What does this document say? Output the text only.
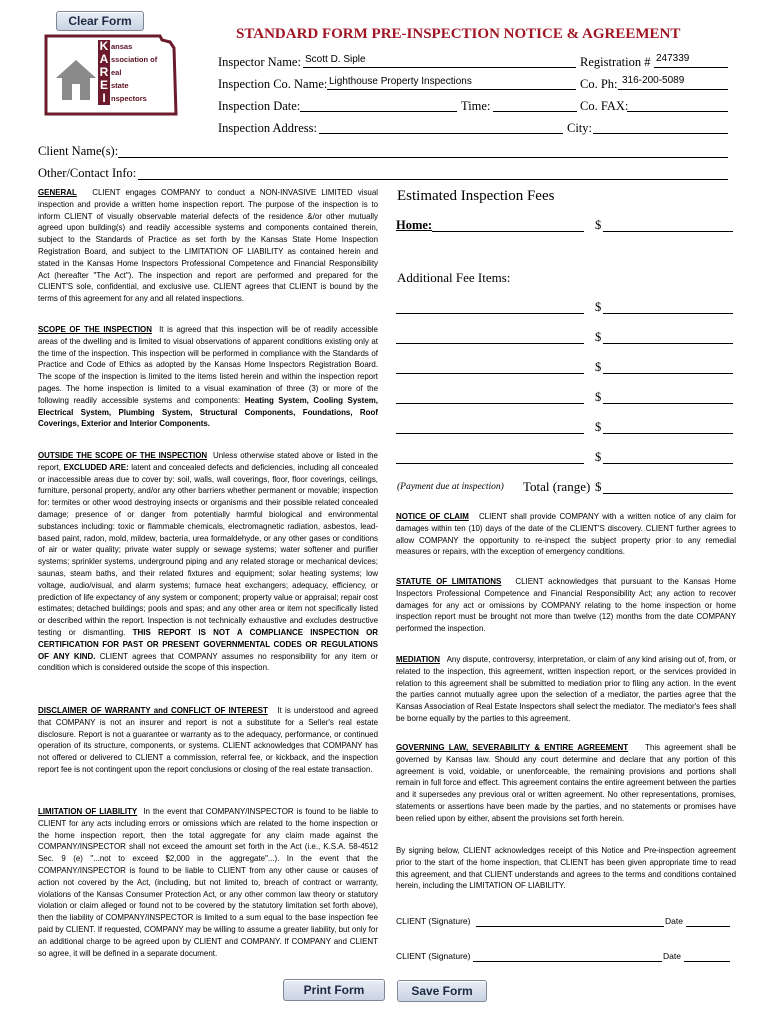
Clear Form
Print Form	Save Form
K
A
R
E
I
ansas
ssociation of
eal
state
nspectors
STANDARD FORM PRE-INSPECTION NOTICE & AGREEMENT
Inspector Name: Scott D. Siple	Registration # 247339
Inspection Co. Name: Lighthouse Property Inspections	Co. Ph: 316-200-5089
Inspection Date:	Time:	Co. FAX:
Inspection Address:	City:
Client Name(s):
Other/Contact Info:
GENERAL CLIENT engages COMPANY to conduct a NON-INVASIVE LIMITED visual inspection and provide a written home inspection report. The purpose of the inspection is to inform CLIENT of visually observable material defects of the residence &/or other mutually agreed upon building(s) and readily accessible systems and components contained therein, subject to the Standards of Practice as set forth by the Kansas State Home Inspection Registration Board, and subject to the LIMITATION OF LIABILITY as contained herein and stated in the Kansas Home Inspectors Professional Competence and Financial Responsibility Act (hereafter "The Act"). The inspection and report are performed and prepared for the CLIENT'S sole, confidential, and exclusive use. CLIENT agrees that CLIENT is bound by the terms of this agreement for any and all related inspections.
SCOPE OF THE INSPECTION It is agreed that this inspection will be of readily accessible areas of the dwelling and is limited to visual observations of apparent conditions existing only at the time of the inspection. This inspection will be performed in compliance with the Standards of Practice and Code of Ethics as adopted by the Kansas Home Inspectors Registration Board. The scope of the inspection is limited to the items listed herein and within the inspection report pages. The home inspection is limited to a visual examination of three (3) or more of the following readily accessible systems and components: Heating System, Cooling System, Electrical System, Plumbing System, Structural Components, Foundations, Roof Coverings, Exterior and Interior Components.
OUTSIDE THE SCOPE OF THE INSPECTION Unless otherwise stated above or listed in the report, EXCLUDED ARE: latent and concealed defects and deficiencies, including all concealed or inaccessible areas due to cover by: soil, walls, wall coverings, floor, floor coverings, ceilings, furniture, personal property, and/or any other barriers whether permanent or movable; inspection for: termites or other wood destroying insects or organisms and their possible related concealed damage; presence of or danger from potentially harmful biological and environmental substances including: toxic or flammable chemicals, electromagnetic radiation, asbestos, lead-based paint, radon, mold, mildew, bacteria, urea formaldehyde, or any other gases or conditions of air or water quality; private water supply or sewage systems; water softener and purifier systems; sprinkler systems, underground piping and any related storage or mechanical devices; saunas, steam baths, and their related fixtures and equipment; solar heating systems; low voltage, audio/visual, and alarm systems; furnace heat exchangers; adequacy, efficiency, or prediction of life expectancy of any system or component; property value or appraisal; repair cost estimates; detached buildings; pools and spas; and any other area or item not specifically listed or described within the report. Inspection is not technically exhaustive and excludes destructive testing or dismantling. THIS REPORT IS NOT A COMPLIANCE INSPECTION OR CERTIFICATION FOR PAST OR PRESENT GOVERNMENTAL CODES OR REGULATIONS OF ANY KIND. CLIENT agrees that COMPANY assumes no responsibility for any item or condition which is considered outside the scope of this inspection.
DISCLAIMER OF WARRANTY and CONFLICT OF INTEREST It is understood and agreed that COMPANY is not an insurer and report is not a substitute for a Seller's real estate disclosure. Report is not a guarantee or warranty as to the adequacy, performance, or continued operation of its structure, components, or systems. CLIENT acknowledges that COMPANY has not offered or delivered to CLIENT a commission, referral fee, or kickback, and the inspection report fee is not contingent upon the report conclusions or closing of the real estate transaction.
LIMITATION OF LIABILITY In the event that COMPANY/INSPECTOR is found to be liable to CLIENT for any acts including errors or omissions which are related to the home inspection or the home inspection report, then the total aggregate for any claim made against the COMPANY/INSPECTOR shall not exceed the amount set forth in the Act (i.e., K.S.A. 58-4512 Sec. 9 (e) "...not to exceed $2,000 in the aggregate"...). In the event that the COMPANY/INSPECTOR is found to be liable to CLIENT from any other cause or causes of action not covered by the Act, (including, but not limited to, breach of contract or warranty, violations of the Kansas Consumer Protection Act, or any other common law theory or statutory violation or claim alleged or found not to be covered by the statutory limitation set forth above), then the liability of COMPANY/INSPECTOR is limited to a sum equal to the base inspection fee paid by CLIENT. If requested, COMPANY may be willing to assume a greater liability, but only for an additional charge to be agreed upon by CLIENT and COMPANY. If COMPANY and CLIENT so agree, it will be defined in a separate document.
Estimated Inspection Fees
Home:	$
Additional Fee Items:
$
$
$
$
$
$
(Payment due at inspection) Total (range) $
NOTICE OF CLAIM CLIENT shall provide COMPANY with a written notice of any claim for damages within ten (10) days of the date of the CLIENT'S discovery. CLIENT further agrees to allow COMPANY the opportunity to re-inspect the subject property prior to any remedial measures or repairs, with the exception of emergency conditions.
STATUTE OF LIMITATIONS CLIENT acknowledges that pursuant to the Kansas Home Inspectors Professional Competence and Financial Responsibility Act; any action to recover damages for any act or omissions by COMPANY relating to the home inspection or home inspection report must be brought not more than twelve (12) months from the date COMPANY performed the inspection.
MEDIATION Any dispute, controversy, interpretation, or claim of any kind arising out of, from, or related to the inspection, this agreement, written inspection report, or the services provided in relation to this agreement shall be submitted to mediation prior to filing any action. In the event the parties cannot mutually agree upon the selection of a mediator, the parties agree that the Kansas Association of Real Estate Inspectors shall select the mediator. The mediator's fees shall be borne equally by the parties to this agreement.
GOVERNING LAW, SEVERABILITY & ENTIRE AGREEMENT This agreement shall be governed by Kansas law. Should any court determine and declare that any portion of this agreement is void, voidable, or unenforceable, the remaining provisions and portions shall remain in full force and effect. This agreement contains the entire agreement between the parties and it supersedes any previous oral or written agreement. No other representations, promises, statements or assertions have been made by the parties, and no statements or promises have been relied upon by either, absent the provisions set forth herein.
By signing below, CLIENT acknowledges receipt of this Notice and Pre-inspection agreement prior to the start of the home inspection, that CLIENT has been given appropriate time to read this agreement, and that CLIENT understands and agrees to the terms and conditions contained herein, including the LIMITATION OF LIABILITY.
CLIENT (Signature)	Date
CLIENT (Signature)	Date
